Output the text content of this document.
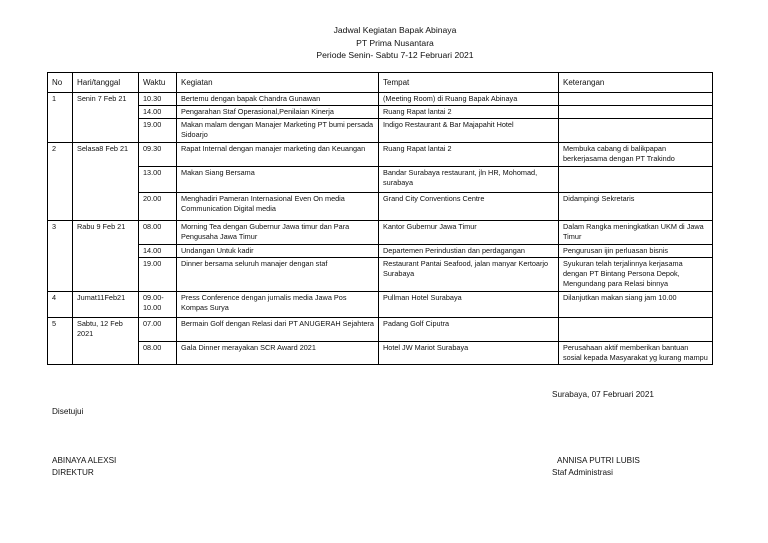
Jadwal Kegiatan Bapak Abinaya
PT Prima Nusantara
Periode Senin- Sabtu 7-12 Februari 2021
No	Hari/tanggal	Waktu	Kegiatan	Tempat	Keterangan
1	Senin 7 Feb 21	10.30	Bertemu dengan bapak Chandra Gunawan	(Meeting Room) di Ruang Bapak Abinaya	
		14.00	Pengarahan Staf Operasional,Penilaian Kinerja	Ruang Rapat lantai 2	
		19.00	Makan malam dengan Manajer Marketing PT bumi persada Sidoarjo	Indigo Restaurant & Bar Majapahit Hotel	
2	Selasa8 Feb 21	09.30	Rapat Internal dengan manajer marketing dan Keuangan	Ruang Rapat lantai 2	Membuka cabang di balikpapan berkerjasama dengan PT Trakindo
		13.00	Makan Siang Bersama	Bandar Surabaya restaurant, jln HR, Mohomad, surabaya	
		20.00	Menghadiri Pameran Internasional Even On media Communication Digital media	Grand City Conventions Centre	Didampingi Sekretaris
3	Rabu 9 Feb 21	08.00	Morning Tea dengan Gubernur Jawa timur dan Para Pengusaha Jawa Timur	Kantor Gubernur Jawa Timur	Dalam Rangka meningkatkan UKM di Jawa Timur
		14.00	Undangan Untuk kadir	Departemen Perindustian dan perdagangan	Pengurusan ijin perluasan bisnis
		19.00	Dinner bersama seluruh manajer dengan staf	Restaurant Pantai Seafood, jalan manyar Kertoarjo Surabaya	Syukuran telah terjalinnya kerjasama dengan PT Bintang Persona Depok, Mengundang para Relasi binnya
4	Jumat11Feb21	09.00-10.00	Press Conference dengan jurnalis media Jawa Pos Kompas Surya	Pullman Hotel Surabaya	Dilanjutkan makan siang jam 10.00
5	Sabtu, 12 Feb 2021	07.00	Bermain Golf dengan Relasi dari PT ANUGERAH Sejahtera	Padang Golf Ciputra	
		08.00	Gala Dinner merayakan SCR Award 2021	Hotel JW Mariot Surabaya	Perusahaan aktif memberikan bantuan sosial kepada Masyarakat yg kurang mampu
Surabaya, 07 Februari 2021
Disetujui
ABINAYA ALEXSI
DIREKTUR
ANNISA PUTRI LUBIS
Staf Administrasi
